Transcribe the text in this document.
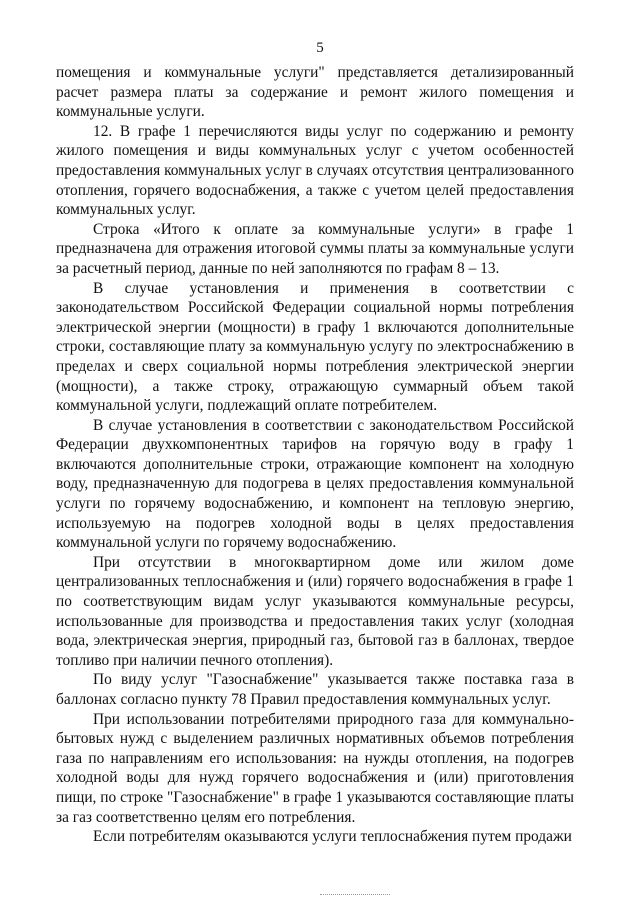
5

помещения и коммунальные услуги" представляется детализированный расчет размера платы за содержание и ремонт жилого помещения и коммунальные услуги.

12. В графе 1 перечисляются виды услуг по содержанию и ремонту жилого помещения и виды коммунальных услуг с учетом особенностей предоставления коммунальных услуг в случаях отсутствия централизованного отопления, горячего водоснабжения, а также с учетом целей предоставления коммунальных услуг.

Строка «Итого к оплате за коммунальные услуги» в графе 1 предназначена для отражения итоговой суммы платы за коммунальные услуги за расчетный период, данные по ней заполняются по графам 8 – 13.

В случае установления и применения в соответствии с законодательством Российской Федерации социальной нормы потребления электрической энергии (мощности) в графу 1 включаются дополнительные строки, составляющие плату за коммунальную услугу по электроснабжению в пределах и сверх социальной нормы потребления электрической энергии (мощности), а также строку, отражающую суммарный объем такой коммунальной услуги, подлежащий оплате потребителем.

В случае установления в соответствии с законодательством Российской Федерации двухкомпонентных тарифов на горячую воду в графу 1 включаются дополнительные строки, отражающие компонент на холодную воду, предназначенную для подогрева в целях предоставления коммунальной услуги по горячему водоснабжению, и компонент на тепловую энергию, используемую на подогрев холодной воды в целях предоставления коммунальной услуги по горячему водоснабжению.

При отсутствии в многоквартирном доме или жилом доме централизованных теплоснабжения и (или) горячего водоснабжения в графе 1 по соответствующим видам услуг указываются коммунальные ресурсы, использованные для производства и предоставления таких услуг (холодная вода, электрическая энергия, природный газ, бытовой газ в баллонах, твердое топливо при наличии печного отопления).

По виду услуг "Газоснабжение" указывается также поставка газа в баллонах согласно пункту 78 Правил предоставления коммунальных услуг.

При использовании потребителями природного газа для коммунально-бытовых нужд с выделением различных нормативных объемов потребления газа по направлениям его использования: на нужды отопления, на подогрев холодной воды для нужд горячего водоснабжения и (или) приготовления пищи, по строке "Газоснабжение" в графе 1 указываются составляющие платы за газ соответственно целям его потребления.

Если потребителям оказываются услуги теплоснабжения путем продажи
